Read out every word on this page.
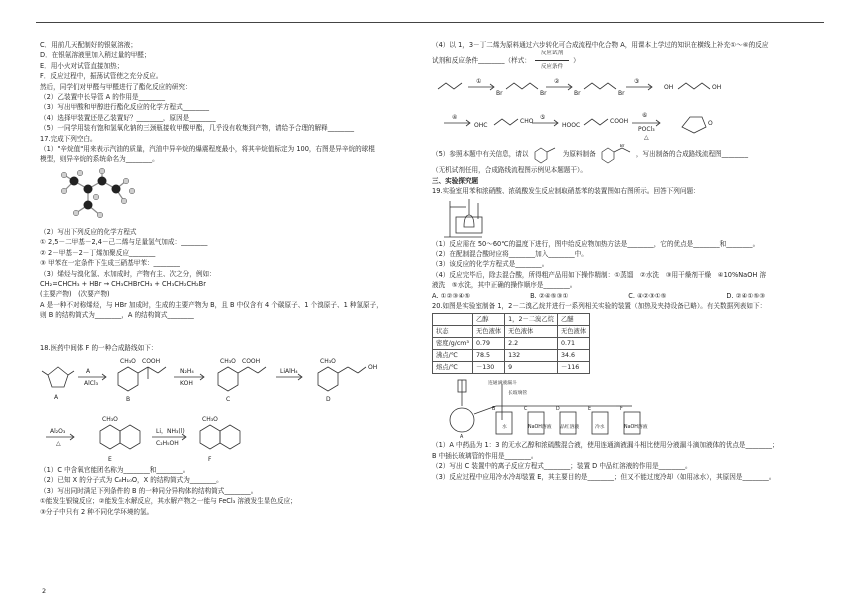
C．用前几天配制好的银氨溶液；
D．在银氨溶液里加入稍过量的甲醛；
E．用小火对试管直接加热；
F．反应过程中，振荡试管使之充分反应。
然后，同学们对甲醛与甲醛进行了酯化反应的研究：
（2）乙装置中长导管 A 的作用是________
（3）写出甲酸和甲醇进行酯化反应的化学方程式________
（4）选择甲装置还是乙装置好？________，原因是________
（5）一同学用装有饱和氢氧化钠的三颈瓶接收甲酸甲酯，几乎没有收集到产物，请给予合理的解释________
17.完成下列空白。
（1）"辛烷值"用来表示汽油的质量，汽油中异辛烷的爆震程度最小，将其辛烷值标定为 100，右图是异辛烷的球棍
模型，则异辛烷的系统命名为________。
（2）写出下列反应的化学方程式
① 2,5－二甲基－2,4－己二烯与足量氢气加成：________
② 2－甲基－2－丁烯加聚反应________
③ 甲苯在一定条件下生成三硝基甲苯：________
（3）烯烃与溴化氢、水加成时，产物有主、次之分，例如：
CH₂=CHCH₃ + HBr → CH₃CHBrCH₃ + CH₃CH₂CH₂Br
(主要产物)　(次要产物)
A 是一种不对称烯烃，与 HBr 加成时，生成的主要产物为 B，且 B 中仅含有 4 个碳原子、1 个溴原子、1 种氢原子，
则 B 的结构简式为________，A 的结构简式________
18.医药中间体 F 的一种合成路线如下：
A	B	C	D
E	F
A
AlCl₃
N₂H₄
KOH
LiAlH₄
Al₂O₃
△
Li，NH₃(l)
C₂H₅OH
COOH	COOH
OH
CH₃O	CH₃O	CH₃O
CH₃O	CH₃O
（1）C 中含氧官能团名称为________和________。
（2）已知 X 的分子式为 C₈H₁₀O，X 的结构简式为________。
（3）写出同时满足下列条件的 B 的一种同分异构体的结构简式________。
①能发生银镜反应；②能发生水解反应，其水解产物之一能与 FeCl₃ 溶液发生显色反应；
③分子中只有 2 种不同化学环境的氢。
（4）以 1，3－丁二烯为原料通过六步转化可合成流程中化合物 A，用课本上学过的知识在横线上补充①～⑥的反应
试剂和反应条件________（样式： 反应试剂

反应条件 ）
①	②	③
④	⑤	⑥
Br	Br	Br	Br
OH	OH
OHC
CHO
HOOC
COOH
POCl₃
△
O
（5）参照本题中有关信息，请以	为原料制备
Br
，写出制备的合成路线流程图________
（无机试剂任用，合成路线流程图示例见本题题干）。
三、实验探究题
19.实验室用苯和浓硝酸、浓硫酸发生反应制取硝基苯的装置图如右图所示。回答下列问题：
（1）反应需在 50～60℃的温度下进行，图中给反应物加热方法是________，它的优点是________和________。
（2）在配制混合酸时应将________加入________中。
（3）该反应的化学方程式是________。
（4）反应完毕后，除去混合酸，所得粗产品用如下操作精制：①蒸馏　②水洗　③用干燥剂干燥　④10%NaOH 溶
液洗　⑤水洗，其中正确的操作顺序是________。
A. ①②③④⑤	B. ②④⑤③①	C. ④②③①⑤	D. ②④①⑤③
20.如图是实验室制备 1，2－二溴乙烷并进行一系列相关实验的装置（加热及夹持设备已略）。有关数据列表如下：
	乙醇	1，2－二溴乙烷	乙醚
状态	无色液体	无色液体	无色液体
密度/g/cm³	0.79	2.2	0.71
沸点/℃	78.5	132	34.6
熔点/℃	－130	9	－116
连通滴液漏斗
长玻璃管
A
B	C	D	E	F
水	NaOH溶液 品红溶液	冷水	NaOH溶液
（1）A 中药品为 1：3 的无水乙醇和浓硫酸混合液，使用连通滴液漏斗相比使用分液漏斗滴加液体的优点是________；
B 中插长玻璃管的作用是________。
（2）写出 C 装置中的离子反应方程式________；装置 D 中品红溶液的作用是________。
（3）反应过程中应用冷水冷却装置 E，其主要目的是________；但又不能过度冷却（如用冰水），其原因是________。
2
